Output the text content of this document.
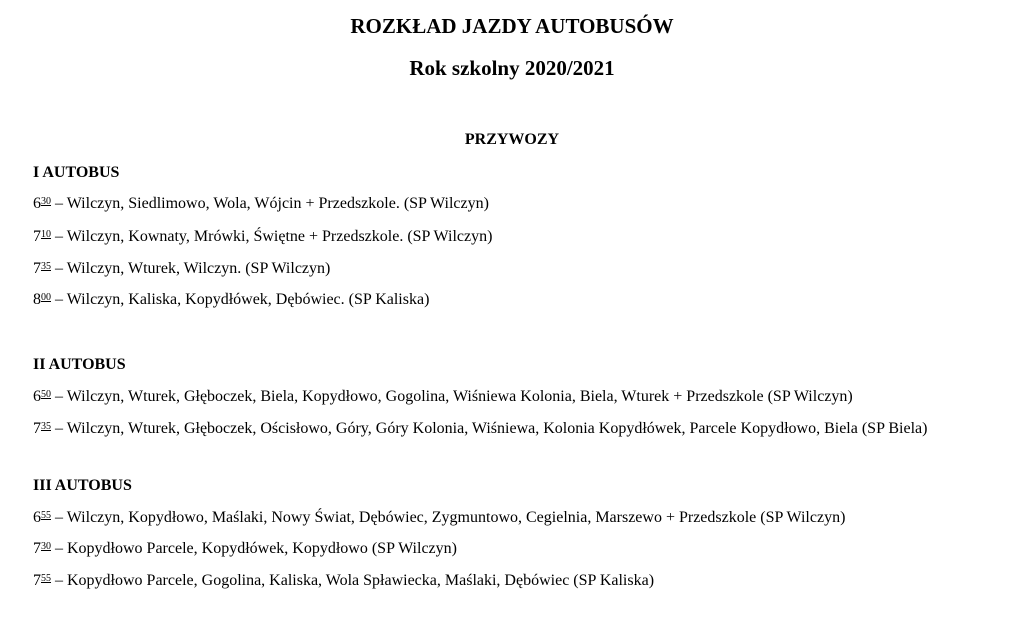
ROZKŁAD JAZDY AUTOBUSÓW
Rok szkolny 2020/2021
PRZYWOZY
I AUTOBUS

$6^{30}$ – Wilczyn, Siedlimowo, Wola, Wójcin + Przedszkole. (SP Wilczyn)

$7^{10}$ – Wilczyn, Kownaty, Mrówki, Świętne + Przedszkole. (SP Wilczyn)

$7^{35}$ – Wilczyn, Wturek, Wilczyn. (SP Wilczyn)

$8^{00}$ – Wilczyn, Kaliska, Kopydłówek, Dębówiec. (SP Kaliska)

II AUTOBUS

$6^{50}$ – Wilczyn, Wturek, Głęboczek, Biela, Kopydłowo, Gogolina, Wiśniewa Kolonia, Biela, Wturek + Przedszkole (SP Wilczyn)

$7^{35}$ – Wilczyn, Wturek, Głęboczek, Ościsłowo, Góry, Góry Kolonia, Wiśniewa, Kolonia Kopydłówek, Parcele Kopydłowo, Biela (SP Biela)

III AUTOBUS

$6^{55}$ – Wilczyn, Kopydłowo, Maślaki, Nowy Świat, Dębówiec, Zygmuntowo, Cegielnia, Marszewo + Przedszkole (SP Wilczyn)

$7^{30}$ – Kopydłowo Parcele, Kopydłówek, Kopydłowo (SP Wilczyn)

$7^{55}$ – Kopydłowo Parcele, Gogolina, Kaliska, Wola Spławiecka, Maślaki, Dębówiec (SP Kaliska)
